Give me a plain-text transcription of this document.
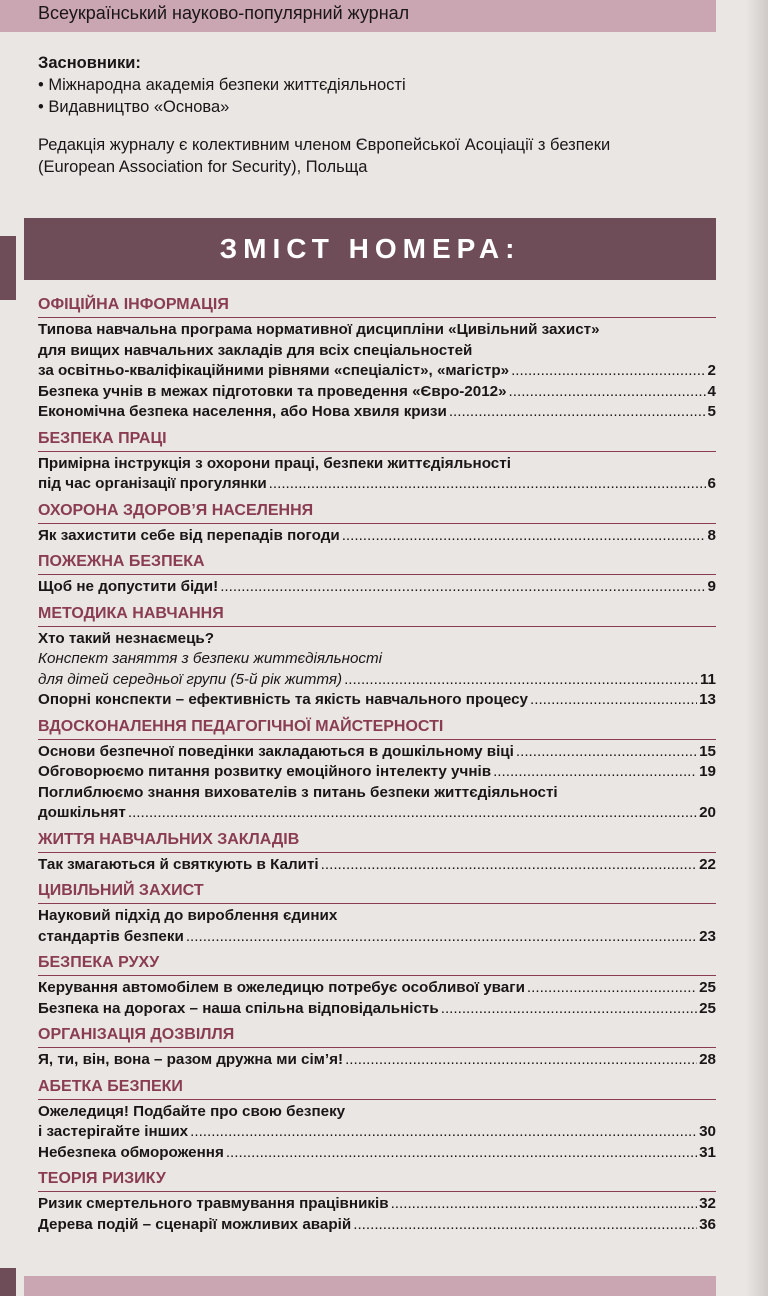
Всеукраїнський науково-популярний журнал
Засновники:
• Міжнародна академія безпеки життєдіяльності
• Видавництво «Основа»
Редакція журналу є колективним членом Європейської Асоціації з безпеки (European Association for Security), Польща
ЗМІСТ НОМЕРА:
ОФІЦІЙНА ІНФОРМАЦІЯ
Типова навчальна програма нормативної дисципліни «Цивільний захист»
для вищих навчальних закладів для всіх спеціальностей
за освітньо-кваліфікаційними рівнями «спеціаліст», «магістр» .....	2
Безпека учнів в межах підготовки та проведення «Євро-2012» .....	4
Економічна безпека населення, або Нова хвиля кризи .....	5
БЕЗПЕКА ПРАЦІ
Примірна інструкція з охорони праці, безпеки життєдіяльності
під час організації прогулянки .....	6
ОХОРОНА ЗДОРОВ’Я НАСЕЛЕННЯ
Як захистити себе від перепадів погоди .....	8
ПОЖЕЖНА БЕЗПЕКА
Щоб не допустити біди! .....	9
МЕТОДИКА НАВЧАННЯ
Хто такий незнаємець?
Конспект заняття з безпеки життєдіяльності
для дітей середньої групи (5-й рік життя) .....	11
Опорні конспекти – ефективність та якість навчального процесу .....	13
ВДОСКОНАЛЕННЯ ПЕДАГОГІЧНОЇ МАЙСТЕРНОСТІ
Основи безпечної поведінки закладаються в дошкільному віці .....	15
Обговорюємо питання розвитку емоційного інтелекту учнів .....	19
Поглиблюємо знання вихователів з питань безпеки життєдіяльності
дошкільнят .....	20
ЖИТТЯ НАВЧАЛЬНИХ ЗАКЛАДІВ
Так змагаються й святкують в Калиті .....	22
ЦИВІЛЬНИЙ ЗАХИСТ
Науковий підхід до вироблення єдиних
стандартів безпеки .....	23
БЕЗПЕКА РУХУ
Керування автомобілем в ожеледицю потребує особливої уваги .....	25
Безпека на дорогах – наша спільна відповідальність .....	25
ОРГАНІЗАЦІЯ ДОЗВІЛЛЯ
Я, ти, він, вона – разом дружна ми сім’я! .....	28
АБЕТКА БЕЗПЕКИ
Ожеледиця! Подбайте про свою безпеку
і застерігайте інших .....	30
Небезпека обмороження .....	31
ТЕОРІЯ РИЗИКУ
Ризик смертельного травмування працівників .....	32
Дерева подій – сценарії можливих аварій .....	36
